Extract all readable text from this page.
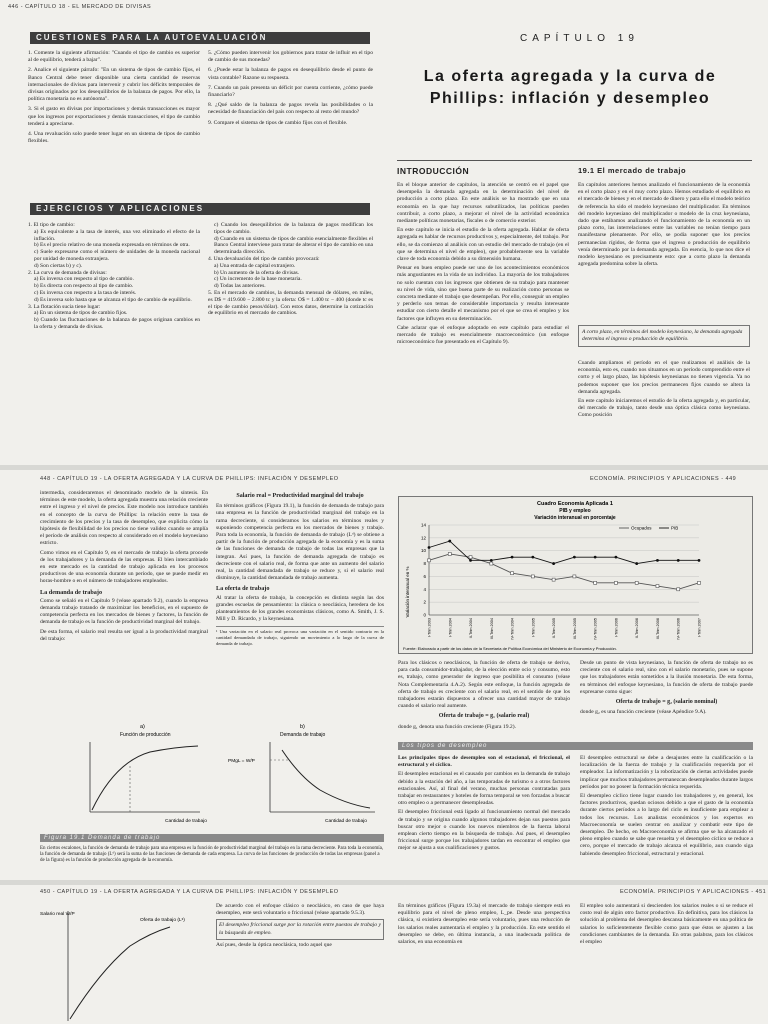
446 - CAPÍTULO 18 - EL MERCADO DE DIVISAS
CUESTIONES PARA LA AUTOEVALUACIÓN
1. Comente la siguiente afirmación: "Cuando el tipo de cambio es superior al de equilibrio, tenderá a bajar".
2. Analice el siguiente párrafo: "En un sistema de tipos de cambio fijos, el Banco Central debe tener disponible una cierta cantidad de reservas internacionales de divisas para intervenir y cubrir los déficits temporales de divisas originados por los desequilibrios de la balanza de pagos. Por ello, la política monetaria no es autónoma".
3. Si el gasto en divisas por importaciones y demás transacciones es mayor que los ingresos por exportaciones y demás transacciones, el tipo de cambio tenderá a apreciarse.
4. Una revaluación solo puede tener lugar en un sistema de tipos de cambio flexibles.
5. ¿Cómo pueden intervenir los gobiernos para tratar de influir en el tipo de cambio de sus monedas?
6. ¿Puede estar la balanza de pagos en desequilibrio desde el punto de vista contable? Razone su respuesta.
7. Cuando un país presenta un déficit por cuenta corriente, ¿cómo puede financiarlo?
8. ¿Qué saldo de la balanza de pagos revela las posibilidades o la necesidad de financiación del país con respecto al resto del mundo?
9. Compare el sistema de tipos de cambio fijos con el flexible.
EJERCICIOS Y APLICACIONES
1. El tipo de cambio:
a) Es equivalente a la tasa de interés, una vez eliminado el efecto de la inflación.
b) Es el precio relativo de una moneda expresada en términos de otra.
c) Suele expresarse como el número de unidades de la moneda nacional por unidad de moneda extranjera.
d) Son ciertas b) y c).
2. La curva de demanda de divisas:
a) Es inversa con respecto al tipo de cambio.
b) Es directa con respecto al tipo de cambio.
c) Es inversa con respecto a la tasa de interés.
d) Es inversa solo hasta que se alcanza el tipo de cambio de equilibrio.
3. La flotación sucia tiene lugar:
a) En un sistema de tipos de cambio fijos.
b) Cuando las fluctuaciones de la balanza de pagos originan cambios en la oferta y demanda de divisas.
c) Cuando los desequilibrios de la balanza de pagos modifican los tipos de cambio.
d) Cuando en un sistema de tipos de cambio esencialmente flexibles el Banco Central interviene para tratar de alterar el tipo de cambio en una determinada dirección.
4. Una devaluación del tipo de cambio provocará:
a) Una entrada de capital extranjero.
b) Un aumento de la oferta de divisas.
c) Un incremento de la base monetaria.
d) Todas las anteriores.
5. En el mercado de cambios, la demanda mensual de dólares, en miles, es D$ = 419.600 − 2.800 tc y la oferta: O$ = 1.400 tc − 400 (donde tc es el tipo de cambio pesos/dólar). Con estos datos, determine la cotización de equilibrio en el mercado de cambios.
CAPÍTULO 19
La oferta agregada y la curva de Phillips: inflación y desempleo
INTRODUCCIÓN

En el bloque anterior de capítulos, la atención se centró en el papel que desempeña la demanda agregada en la determinación del nivel de producción a corto plazo. En este análisis se ha mostrado que en una economía en la que hay recursos subutilizados, las políticas pueden contribuir, a corto plazo, a mejorar el nivel de la actividad económica mediante políticas monetarias, fiscales o de comercio exterior.

En este capítulo se inicia el estudio de la oferta agregada. Hablar de oferta agregada es hablar de recursos productivos y, especialmente, del trabajo. Por ello, se da comienzo al análisis con un estudio del mercado de trabajo (en el que se determina el nivel de empleo), que probablemente sea la variable clave de toda economía debido a su dimensión humana.

Pensar en buen empleo puede ser uno de los acontecimientos económicos más angustiantes en la vida de un individuo. La mayoría de los trabajadores no solo cuentan con los ingresos que obtienen de su trabajo para mantener su nivel de vida, sino que buena parte de su realización como personas se concreta mediante el trabajo que desempeñan. Por ello, conseguir un empleo y perderlo son temas de considerable importancia y resulta interesante estudiar con cierto detalle el mecanismo por el que se crea el empleo y los factores que influyen en su determinación.

Cabe aclarar que el enfoque adoptado en este capítulo para estudiar el mercado de trabajo es esencialmente macroeconómico (un enfoque microeconómico fue presentado en el Capítulo 9).

19.1 El mercado de trabajo

En capítulos anteriores hemos analizado el funcionamiento de la economía en el corto plazo y en el muy corto plazo. Hemos estudiado el equilibrio en el mercado de bienes y en el mercado de dinero y para ello el modelo teórico de referencia ha sido el modelo keynesiano del multiplicador. En términos del modelo keynesiano del multiplicador o modelo de la cruz keynesiana, dado que estábamos analizando el funcionamiento de la economía en un plazo corto, las interrelaciones entre las variables no tenían tiempo para manifestarse plenamente. Por ello, se podía suponer que los precios permanecían rígidos, de forma que el ingreso o producción de equilibrio venía determinado por la demanda agregada. En esencia, lo que nos dice el modelo keynesiano es precisamente esto: que a corto plazo la demanda agregada predomina sobre la oferta.

A corto plazo, en términos del modelo keynesiano, la demanda agregada determina el ingreso o producción de equilibrio.

Cuando ampliamos el período en el que realizamos el análisis de la economía, esto es, cuando nos situamos en un período comprendido entre el corto y el largo plazo, las hipótesis keynesianas no tienen vigencia. Ya no podemos suponer que los precios permanecen fijos cuando se altera la demanda agregada.

En este capítulo iniciaremos el estudio de la oferta agregada y, en particular, del mercado de trabajo, tanto desde una óptica clásica como keynesiana. Como posición

448 - CAPÍTULO 19 - LA OFERTA AGREGADA Y LA CURVA DE PHILLIPS: INFLACIÓN Y DESEMPLEO	ECONOMÍA. PRINCIPIOS Y APLICACIONES - 449

intermedia, consideraremos el denominado modelo de la síntesis. En términos de este modelo, la oferta agregada muestra una relación creciente entre el ingreso y el nivel de precios. Este modelo nos introduce también en el concepto de la curva de Phillips: la relación entre la tasa de crecimiento de los precios y la tasa de desempleo, que explicita cómo la hipótesis de flexibilidad de los precios no tiene validez cuando se amplía el período de análisis con respecto al considerado en el modelo keynesiano estricto.

Como vimos en el Capítulo 9, en el mercado de trabajo la oferta procede de los trabajadores y la demanda de las empresas. El bien intercambiado en este mercado es la cantidad de trabajo aplicada en los procesos productivos de una economía durante un período, que se puede medir en horas-hombre o en el número de trabajadores empleados.

La demanda de trabajo

Como se señaló en el Capítulo 9 (véase apartado 9.2), cuando la empresa demanda trabajo tratando de maximizar los beneficios, en el supuesto de competencia perfecta en los mercados de bienes y factores, la función de demanda de trabajo es la función de productividad marginal del trabajo.

De esta forma, el salario real resulta ser igual a la productividad marginal del trabajo:

Salario real = Productividad marginal del trabajo

En términos gráficos (Figura 19.1), la función de demanda de trabajo para una empresa es la función de productividad marginal del trabajo en la rama decreciente, si consideramos los salarios en términos reales y suponiendo competencia perfecta en los mercados de bienes y trabajo. Para toda la economía, la función de demanda de trabajo (Lᵈ) se obtiene a partir de la función de producción agregada de la economía y es la suma de las funciones de demanda de trabajo de todas las empresas que la integran. Así pues, la función de demanda agregada de trabajo es decreciente con el salario real, de forma que ante un aumento del salario real, la cantidad demandada de trabajo se reduce y, si el salario real disminuye, la cantidad demandada de trabajo aumenta.

La oferta de trabajo

Al tratar la oferta de trabajo, la concepción es distinta según las dos grandes escuelas de pensamiento: la clásica o neoclásica, heredera de los planteamientos de los grandes economistas clásicos, como A. Smith, J. S. Mill y D. Ricardo, y la keynesiana.

¹ Una variación en el salario real provoca una variación en el sentido contrario en la cantidad demandada de trabajo, siguiendo un movimiento a lo largo de la curva de demanda de trabajo.

a)
Función de producción
Cantidad de trabajo
b)
Demanda de trabajo
PMgL = W/P
Cantidad de trabajo
Figura 19.1 Demanda de trabajo
En ciertos escalones, la función de demanda de trabajo para una empresa es la función de productividad marginal del trabajo en la rama decreciente. Para toda la economía, la función de demanda de trabajo (Lᵈ) será la suma de las funciones de demanda de cada empresa. La curva de las funciones de producción de todas las empresas (panel a de la figura) es la función de producción agregada de la economía.
Cuadro Economía Aplicada 1
PIB y empleo
Variación interanual en porcentaje
Variación interanual en %	0
2
4
6
8
10
12
14
I-Trim 2003	I-Trim 2004	II-Trim 2004	III-Trim 2004	IV-Trim 2004	I-Trim 2005	II-Trim 2005	III-Trim 2005	IV-Trim 2005	I-Trim 2006	II-Trim 2006	III-Trim 2006	IV-Trim 2006	I-Trim 2007
Ocupados	PIB
Fuente: Elaborado a partir de los datos de la Secretaría de Política Económica del Ministerio de Economía y Producción.

Para los clásicos o neoclásicos, la función de oferta de trabajo se deriva, para cada consumidor-trabajador, de la elección entre ocio y consumo, esto es, trabajo, como generador de ingreso que posibilita el consumo (véase Nota Complementaria 4.A.2). Según este enfoque, la función agregada de oferta de trabajo es creciente con el salario real, en el sentido de que los trabajadores estarán dispuestos a ofrecer una cantidad mayor de trabajo cuando el salario real aumente.

Oferta de trabajo = g₁ (salario real)

donde g₁ denota una función creciente (Figura 19.2).

Los tipos de desempleo

Los principales tipos de desempleo son el estacional, el friccional, el estructural y el cíclico.

El desempleo estacional es el causado por cambios en la demanda de trabajo debido a la estación del año, a las temporadas de turismo o a otros factores estacionales. Así, al final del verano, muchas personas contratadas para trabajar en restaurantes y hoteles de forma temporal se ven forzadas a buscar otro empleo o a permanecer desempleadas.

El desempleo friccional está ligado al funcionamiento normal del mercado de trabajo y se origina cuando algunos trabajadores dejan sus puestos para buscar otro mejor o cuando los nuevos miembros de la fuerza laboral emplean cierto tiempo en la búsqueda de trabajo. Así pues, el desempleo friccional surge porque los trabajadores tardan en encontrar el empleo que mejor se ajusta a sus cualificaciones y gustos.

Desde un punto de vista keynesiano, la función de oferta de trabajo no es creciente con el salario real, sino con el salario monetario, pues se supone que los trabajadores están sometidos a la ilusión monetaria. De esta forma, en términos del enfoque keynesiano, la función de oferta de trabajo puede expresarse como sigue:

Oferta de trabajo = g₂ (salario nominal)

donde g₂ es una función creciente (véase Apéndice 9.A).

El desempleo estructural se debe a desajustes entre la cualificación o la localización de la fuerza de trabajo y la cualificación requerida por el empleador. La informatización y la robotización de ciertas actividades puede implicar que muchos trabajadores permanezcan desempleados durante largos períodos por no poseer la formación técnica requerida.

El desempleo cíclico tiene lugar cuando los trabajadores y, en general, los factores productivos, quedan ociosos debido a que el gasto de la economía durante ciertos períodos a lo largo del ciclo es insuficiente para emplear a todos los recursos. Los analistas económicos y los expertos en Macroeconomía se suelen centrar en analizar y combatir este tipo de desempleo. De hecho, en Macroeconomía se afirma que se ha alcanzado el pleno empleo cuando se sabe que resuelta y el desempleo cíclico se reduce a cero, porque el mercado de trabajo alcanza el equilibrio, aun cuando siga habiendo desempleo friccional, estructural y estacional.

450 - CAPÍTULO 19 - LA OFERTA AGREGADA Y LA CURVA DE PHILLIPS: INFLACIÓN Y DESEMPLEO	ECONOMÍA. PRINCIPIOS Y APLICACIONES - 451
Salario real W/P
Oferta de trabajo (Lˢ)

De acuerdo con el enfoque clásico o neoclásico, en caso de que haya desempleo, este será voluntario o friccional (véase apartado 9.5.3).

El desempleo friccional surge por la rotación entre puestos de trabajo y la búsqueda de empleo.

Así pues, desde la óptica neoclásica, todo aquel que

En términos gráficos (Figura 19.3a) el mercado de trabajo siempre está en equilibrio para el nivel de pleno empleo, L_pe. Desde una perspectiva clásica, si existiera desempleo este sería voluntario, pues una reducción de los salarios reales aumentaría el empleo y la producción. En este sentido el desempleo se debe, en última instancia, a una inadecuada política de salarios, en una economía en

El empleo solo aumentará si descienden los salarios reales o si se reduce el costo real de algún otro factor productivo. En definitiva, para los clásicos la solución al problema del desempleo descansa básicamente en una política de salarios lo suficientemente flexible como para que éstos se ajusten a las condiciones cambiantes de la demanda. En otras palabras, para los clásicos el empleo
